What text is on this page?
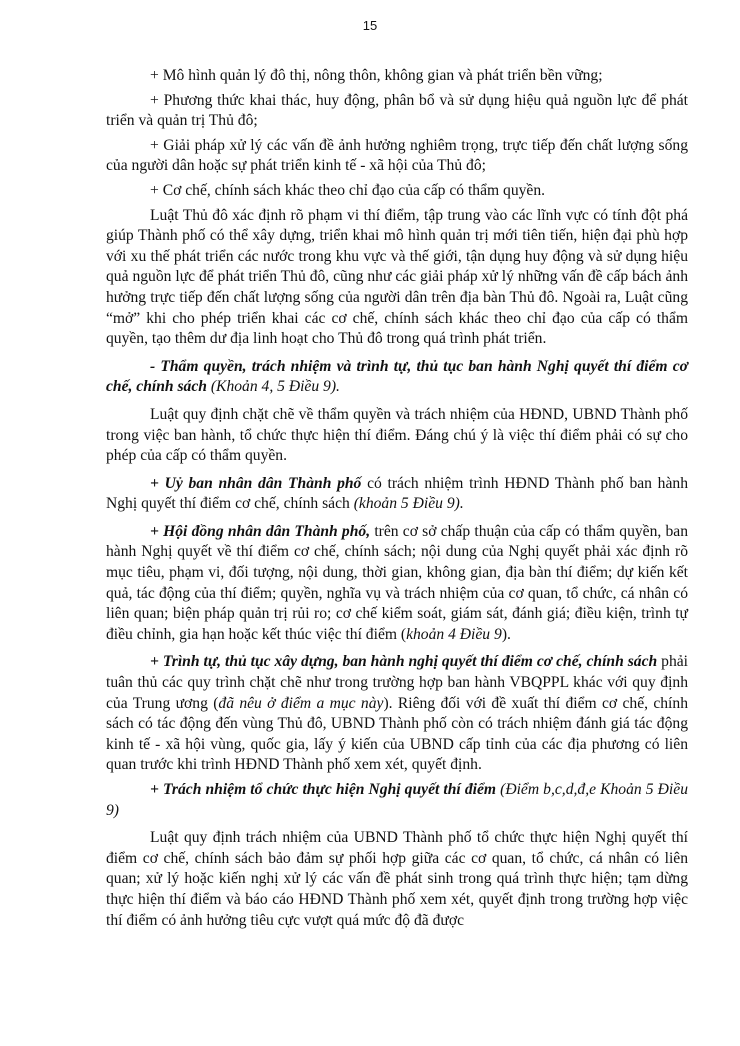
15

+ Mô hình quản lý đô thị, nông thôn, không gian và phát triển bền vững;

+ Phương thức khai thác, huy động, phân bổ và sử dụng hiệu quả nguồn lực để phát triển và quản trị Thủ đô;

+ Giải pháp xử lý các vấn đề ảnh hưởng nghiêm trọng, trực tiếp đến chất lượng sống của người dân hoặc sự phát triển kinh tế - xã hội của Thủ đô;

+ Cơ chế, chính sách khác theo chỉ đạo của cấp có thẩm quyền.

Luật Thủ đô xác định rõ phạm vi thí điểm, tập trung vào các lĩnh vực có tính đột phá giúp Thành phố có thể xây dựng, triển khai mô hình quản trị mới tiên tiến, hiện đại phù hợp với xu thế phát triển các nước trong khu vực và thế giới, tận dụng huy động và sử dụng hiệu quả nguồn lực để phát triển Thủ đô, cũng như các giải pháp xử lý những vấn đề cấp bách ảnh hưởng trực tiếp đến chất lượng sống của người dân trên địa bàn Thủ đô. Ngoài ra, Luật cũng “mở” khi cho phép triển khai các cơ chế, chính sách khác theo chỉ đạo của cấp có thẩm quyền, tạo thêm dư địa linh hoạt cho Thủ đô trong quá trình phát triển.

- Thẩm quyền, trách nhiệm và trình tự, thủ tục ban hành Nghị quyết thí điểm cơ chế, chính sách (Khoản 4, 5 Điều 9).

Luật quy định chặt chẽ về thẩm quyền và trách nhiệm của HĐND, UBND Thành phố trong việc ban hành, tổ chức thực hiện thí điểm. Đáng chú ý là việc thí điểm phải có sự cho phép của cấp có thẩm quyền.

+ Uỷ ban nhân dân Thành phố có trách nhiệm trình HĐND Thành phố ban hành Nghị quyết thí điểm cơ chế, chính sách (khoản 5 Điều 9).

+ Hội đồng nhân dân Thành phố, trên cơ sở chấp thuận của cấp có thẩm quyền, ban hành Nghị quyết về thí điểm cơ chế, chính sách; nội dung của Nghị quyết phải xác định rõ mục tiêu, phạm vi, đối tượng, nội dung, thời gian, không gian, địa bàn thí điểm; dự kiến kết quả, tác động của thí điểm; quyền, nghĩa vụ và trách nhiệm của cơ quan, tổ chức, cá nhân có liên quan; biện pháp quản trị rủi ro; cơ chế kiểm soát, giám sát, đánh giá; điều kiện, trình tự điều chỉnh, gia hạn hoặc kết thúc việc thí điểm (khoản 4 Điều 9).

+ Trình tự, thủ tục xây dựng, ban hành nghị quyết thí điểm cơ chế, chính sách phải tuân thủ các quy trình chặt chẽ như trong trường hợp ban hành VBQPPL khác với quy định của Trung ương (đã nêu ở điểm a mục này). Riêng đối với đề xuất thí điểm cơ chế, chính sách có tác động đến vùng Thủ đô, UBND Thành phố còn có trách nhiệm đánh giá tác động kinh tế - xã hội vùng, quốc gia, lấy ý kiến của UBND cấp tỉnh của các địa phương có liên quan trước khi trình HĐND Thành phố xem xét, quyết định.

+ Trách nhiệm tổ chức thực hiện Nghị quyết thí điểm (Điểm b,c,d,đ,e Khoản 5 Điều 9)

Luật quy định trách nhiệm của UBND Thành phố tổ chức thực hiện Nghị quyết thí điểm cơ chế, chính sách bảo đảm sự phối hợp giữa các cơ quan, tổ chức, cá nhân có liên quan; xử lý hoặc kiến nghị xử lý các vấn đề phát sinh trong quá trình thực hiện; tạm dừng thực hiện thí điểm và báo cáo HĐND Thành phố xem xét, quyết định trong trường hợp việc thí điểm có ảnh hưởng tiêu cực vượt quá mức độ đã được
